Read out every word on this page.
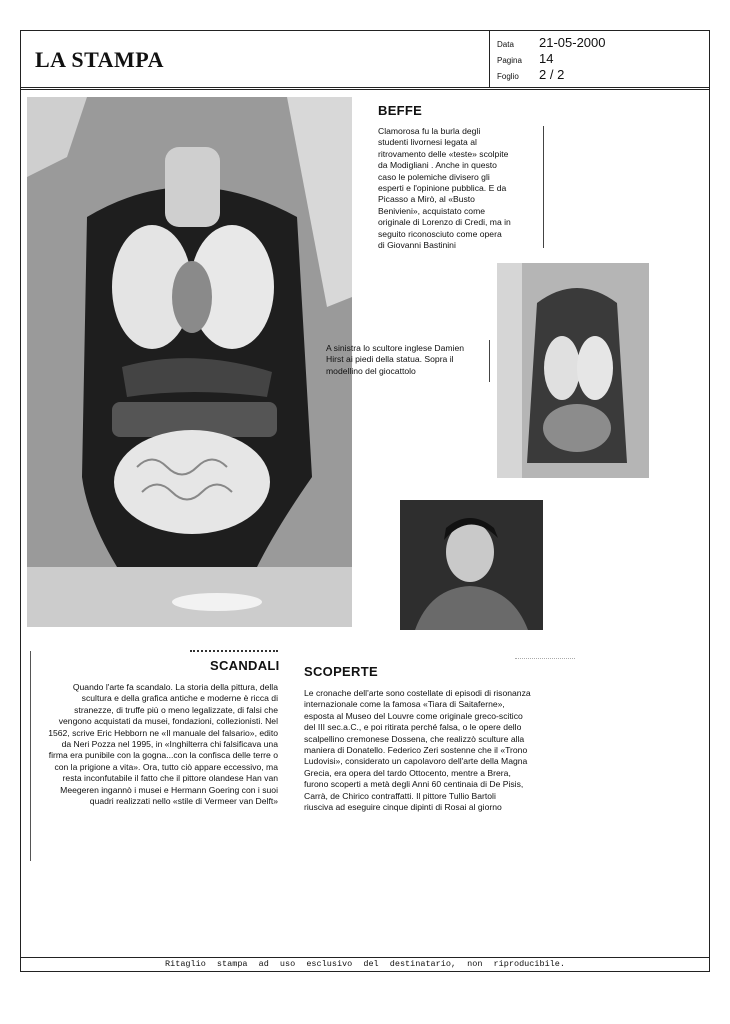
LA STAMPA
Data	21-05-2000
Pagina	14
Foglio	2 / 2
BEFFE
Clamorosa fu la burla degli
studenti livornesi legata al
ritrovamento delle «teste» scolpite
da Modigliani . Anche in questo
caso le polemiche divisero gli
esperti e l'opinione pubblica. E da
Picasso a Mirò, al «Busto
Benivieni», acquistato come
originale di Lorenzo di Credi, ma in
seguito riconosciuto come opera
di Giovanni Bastinini
A sinistra lo scultore inglese Damien
Hirst ai piedi della statua. Sopra il
modellino del giocattolo
SCANDALI
Quando l'arte fa scandalo. La storia della pittura, della
scultura e della grafica antiche e moderne è ricca di
stranezze, di truffe più o meno legalizzate, di falsi che
vengono acquistati da musei, fondazioni, collezionisti. Nel
1562, scrive Eric Hebborn ne «Il manuale del falsario», edito
da Neri Pozza nel 1995, in «Inghilterra chi falsificava una
firma era punibile con la gogna...con la confisca delle terre o
con la prigione a vita». Ora, tutto ciò appare eccessivo, ma
resta inconfutabile il fatto che il pittore olandese Han van
Meegeren ingannò i musei e Hermann Goering con i suoi
quadri realizzati nello «stile di Vermeer van Delft»
SCOPERTE
Le cronache dell'arte sono costellate di episodi di risonanza
internazionale come la famosa «Tiara di Saitaferne»,
esposta al Museo del Louvre come originale greco-scitico
del III sec.a.C., e poi ritirata perché falsa, o le opere dello
scalpellino cremonese Dossena, che realizzò sculture alla
maniera di Donatello. Federico Zeri sostenne che il «Trono
Ludovisi», considerato un capolavoro dell'arte della Magna
Grecia, era opera del tardo Ottocento, mentre a Brera,
furono scoperti a metà degli Anni 60 centinaia di De Pisis,
Carrà, de Chirico contraffatti. Il pittore Tullio Bartoli
riusciva ad eseguire cinque dipinti di Rosai al giorno
Ritaglio stampa ad uso esclusivo del destinatario, non riproducibile.
